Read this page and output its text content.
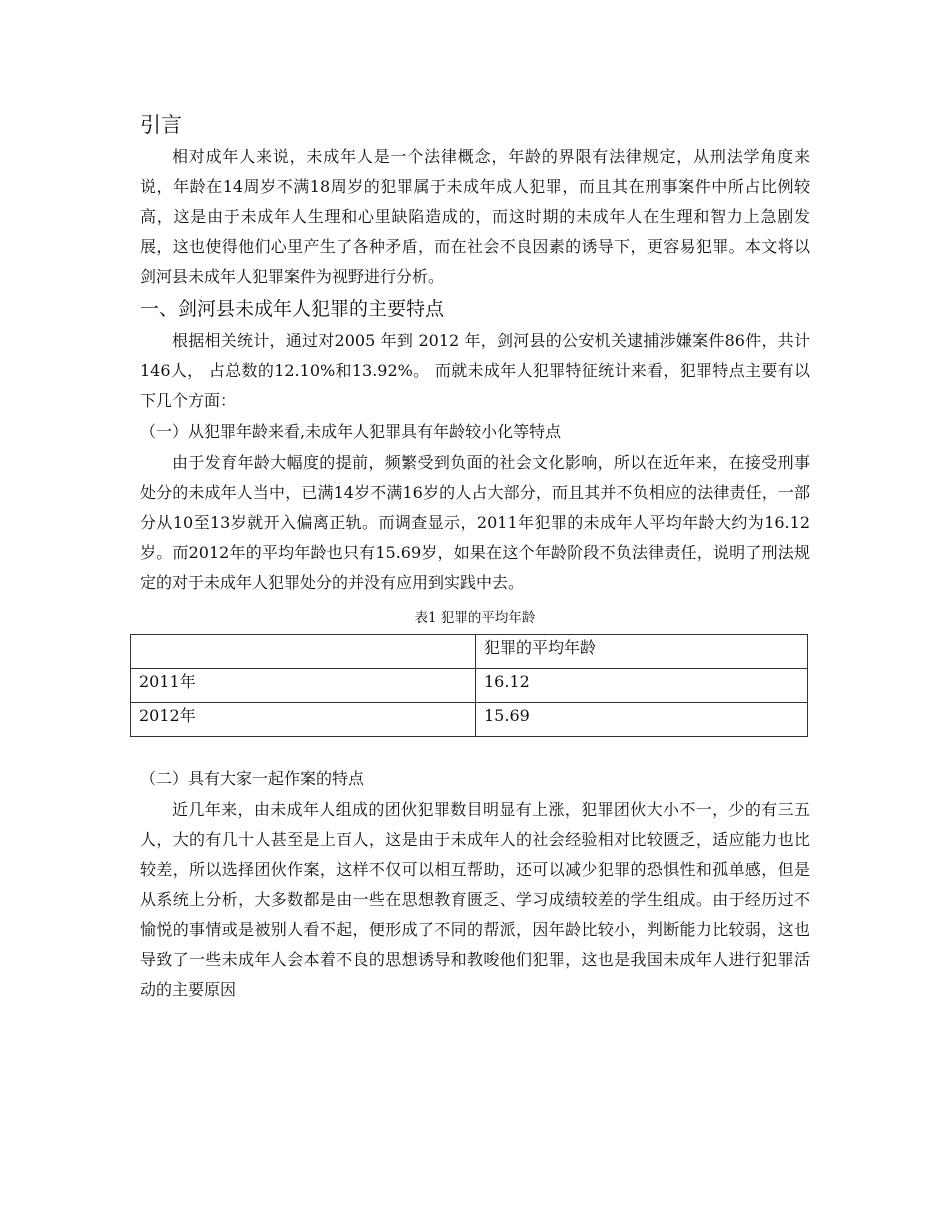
引言

相对成年人来说，未成年人是一个法律概念，年龄的界限有法律规定，从刑法学角度来说，年龄在14周岁不满18周岁的犯罪属于未成年成人犯罪，而且其在刑事案件中所占比例较高，这是由于未成年人生理和心里缺陷造成的，而这时期的未成年人在生理和智力上急剧发展，这也使得他们心里产生了各种矛盾，而在社会不良因素的诱导下，更容易犯罪。本文将以剑河县未成年人犯罪案件为视野进行分析。

一、剑河县未成年人犯罪的主要特点

根据相关统计，通过对2005 年到 2012 年，剑河县的公安机关逮捕涉嫌案件86件，共计146人， 占总数的12.10%和13.92%。 而就未成年人犯罪特征统计来看，犯罪特点主要有以下几个方面：

（一）从犯罪年龄来看,未成年人犯罪具有年龄较小化等特点

由于发育年龄大幅度的提前，频繁受到负面的社会文化影响，所以在近年来，在接受刑事处分的未成年人当中，已满14岁不满16岁的人占大部分，而且其并不负相应的法律责任，一部分从10至13岁就开入偏离正轨。而调查显示，2011年犯罪的未成年人平均年龄大约为16.12岁。而2012年的平均年龄也只有15.69岁，如果在这个年龄阶段不负法律责任，说明了刑法规定的对于未成年人犯罪处分的并没有应用到实践中去。

表1 犯罪的平均年龄
	犯罪的平均年龄
2011年	16.12
2012年	15.69
（二）具有大家一起作案的特点

近几年来，由未成年人组成的团伙犯罪数目明显有上涨，犯罪团伙大小不一，少的有三五人，大的有几十人甚至是上百人，这是由于未成年人的社会经验相对比较匮乏，适应能力也比较差，所以选择团伙作案，这样不仅可以相互帮助，还可以减少犯罪的恐惧性和孤单感，但是从系统上分析，大多数都是由一些在思想教育匮乏、学习成绩较差的学生组成。由于经历过不愉悦的事情或是被别人看不起，便形成了不同的帮派，因年龄比较小，判断能力比较弱，这也导致了一些未成年人会本着不良的思想诱导和教唆他们犯罪，这也是我国未成年人进行犯罪活动的主要原因
